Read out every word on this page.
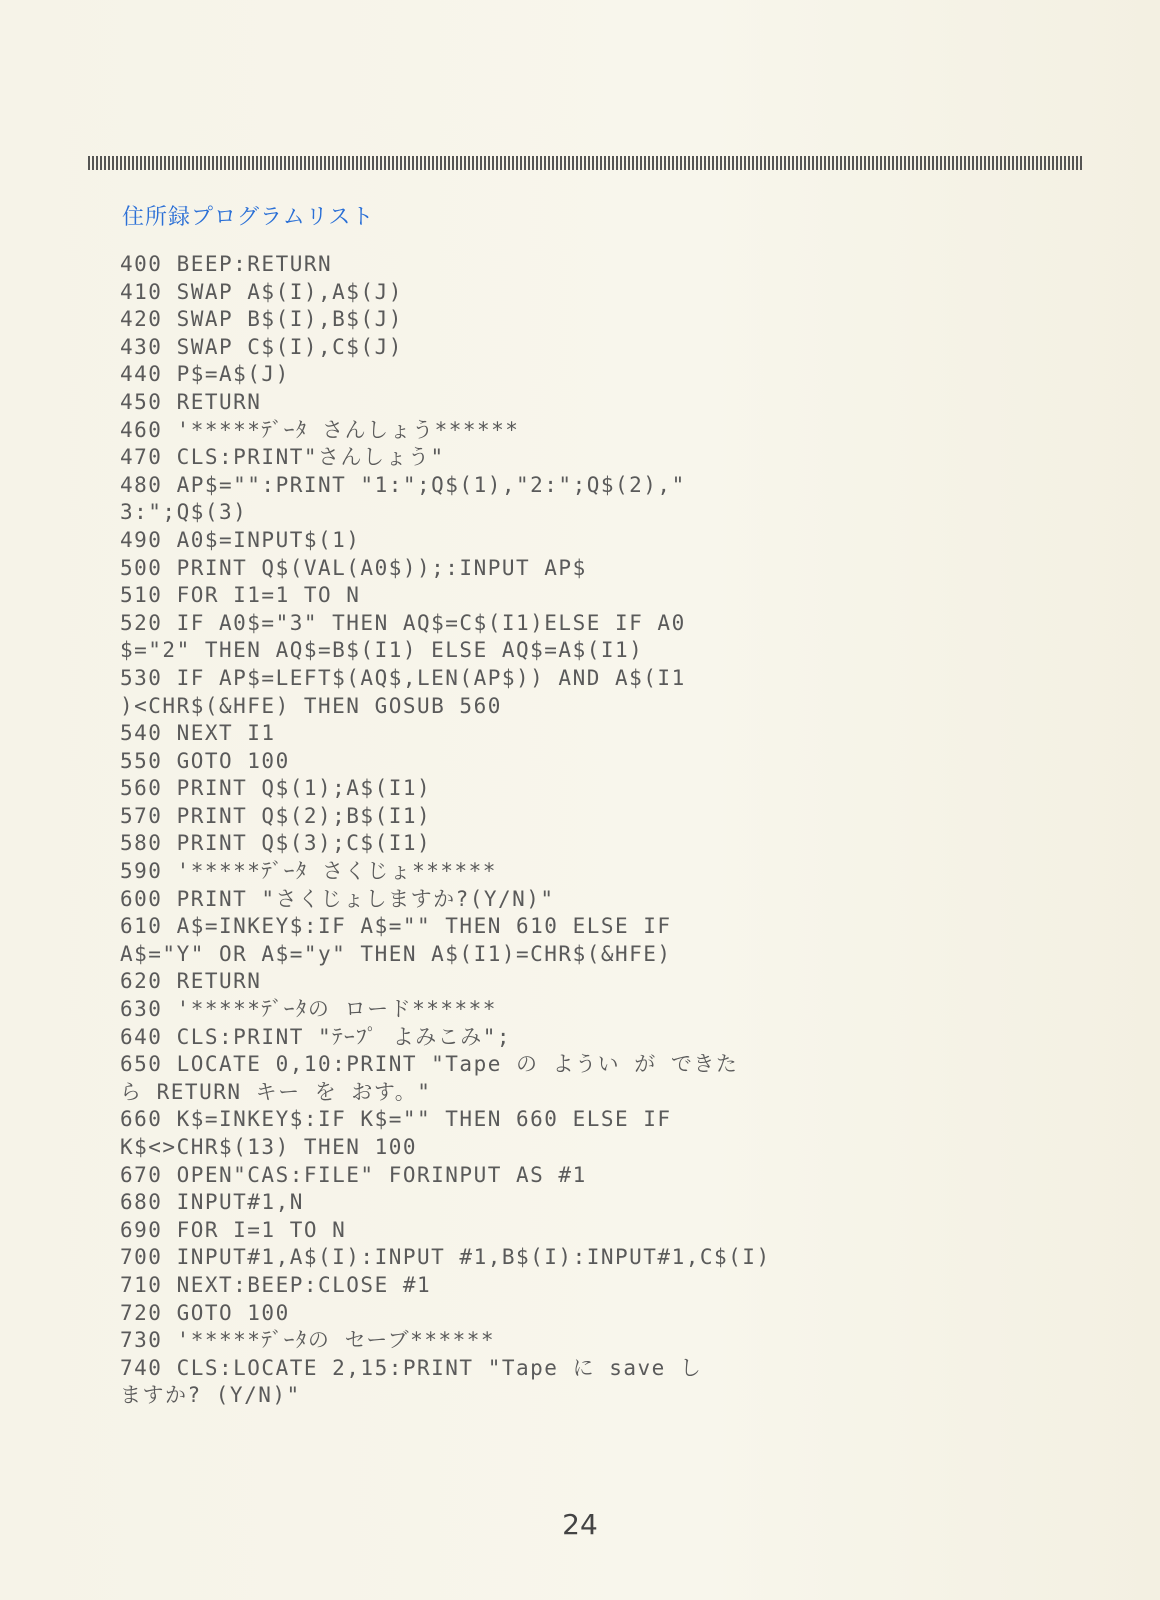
住所録プログラムリスト
400 BEEP:RETURN
410 SWAP A$(I),A$(J)
420 SWAP B$(I),B$(J)
430 SWAP C$(I),C$(J)
440 P$=A$(J)
450 RETURN
460 '*****ﾃﾞｰﾀ さんしょう******
470 CLS:PRINT"さんしょう"
480 AP$="":PRINT "1:";Q$(1),"2:";Q$(2),"
3:";Q$(3)
490 A0$=INPUT$(1)
500 PRINT Q$(VAL(A0$));:INPUT AP$
510 FOR I1=1 TO N
520 IF A0$="3" THEN AQ$=C$(I1)ELSE IF A0
$="2" THEN AQ$=B$(I1) ELSE AQ$=A$(I1)
530 IF AP$=LEFT$(AQ$,LEN(AP$)) AND A$(I1
)<CHR$(&HFE) THEN GOSUB 560
540 NEXT I1
550 GOTO 100
560 PRINT Q$(1);A$(I1)
570 PRINT Q$(2);B$(I1)
580 PRINT Q$(3);C$(I1)
590 '*****ﾃﾞｰﾀ さくじょ******
600 PRINT "さくじょしますか?(Y/N)"
610 A$=INKEY$:IF A$="" THEN 610 ELSE IF
A$="Y" OR A$="y" THEN A$(I1)=CHR$(&HFE)
620 RETURN
630 '*****ﾃﾞｰﾀの ロード******
640 CLS:PRINT "ﾃｰﾌﾟ よみこみ";
650 LOCATE 0,10:PRINT "Tape の ようい が できた
ら RETURN キー を おす。"
660 K$=INKEY$:IF K$="" THEN 660 ELSE IF
K$<>CHR$(13) THEN 100
670 OPEN"CAS:FILE" FORINPUT AS #1
680 INPUT#1,N
690 FOR I=1 TO N
700 INPUT#1,A$(I):INPUT #1,B$(I):INPUT#1,C$(I)
710 NEXT:BEEP:CLOSE #1
720 GOTO 100
730 '*****ﾃﾞｰﾀの セーブ******
740 CLS:LOCATE 2,15:PRINT "Tape に save し
ますか? (Y/N)"
24
